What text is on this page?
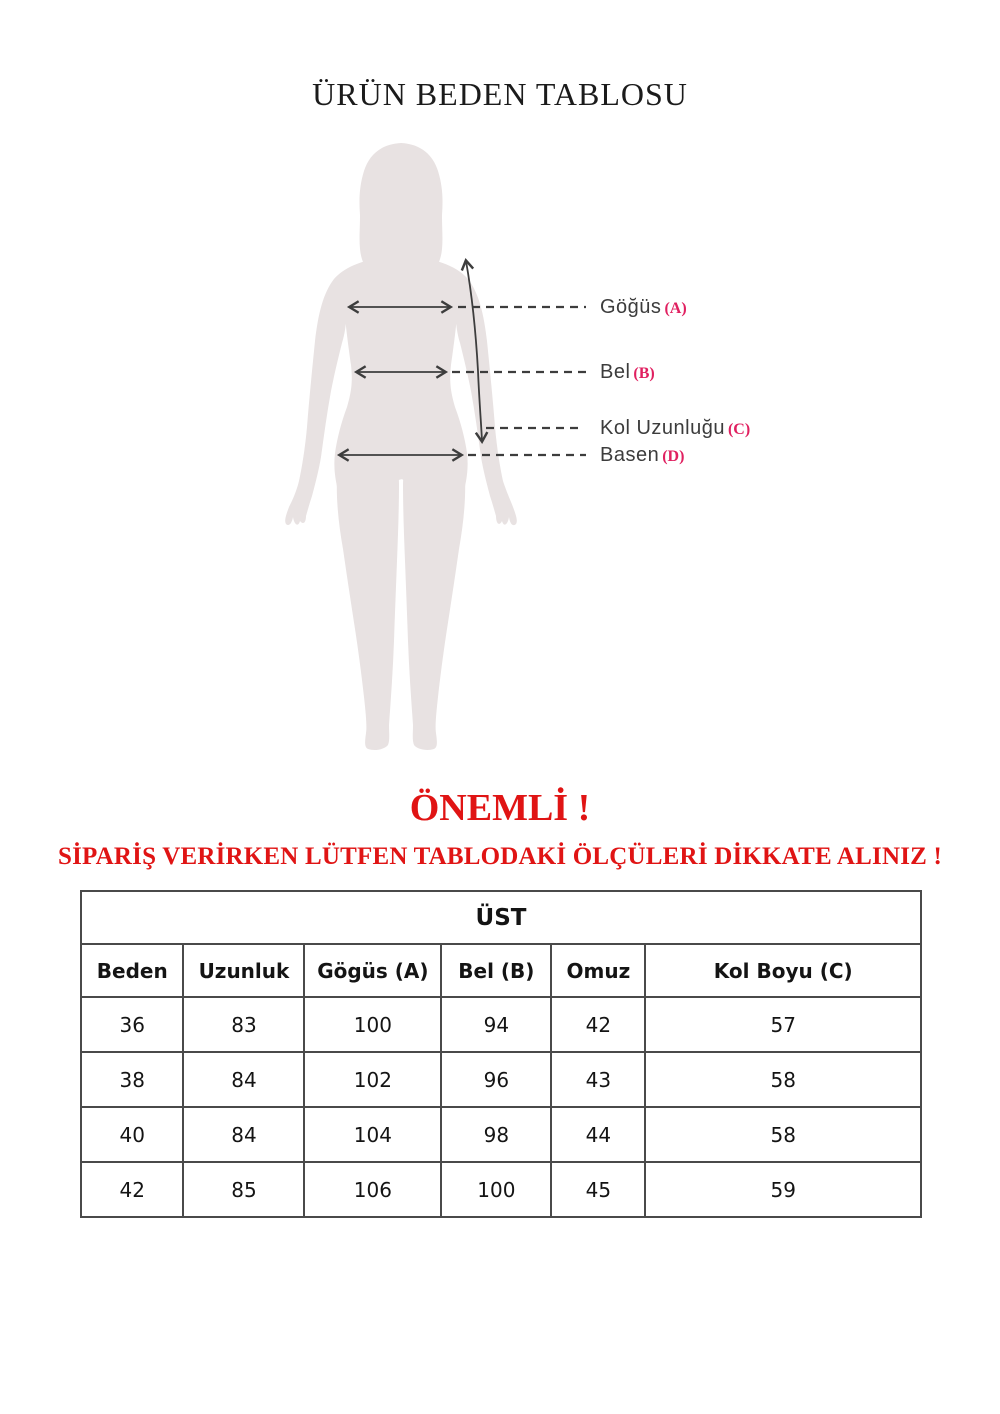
ÜRÜN BEDEN TABLOSU
Göğüs (A)
Bel (B)
Kol Uzunluğu (C)
Basen (D)
ÖNEMLİ !
SİPARİŞ VERİRKEN LÜTFEN TABLODAKİ ÖLÇÜLERİ DİKKATE ALINIZ !
ÜST					
Beden	Uzunluk	Gögüs (A)	Bel (B)	Omuz	Kol Boyu (C)
36	83	100	94	42	57
38	84	102	96	43	58
40	84	104	98	44	58
42	85	106	100	45	59
